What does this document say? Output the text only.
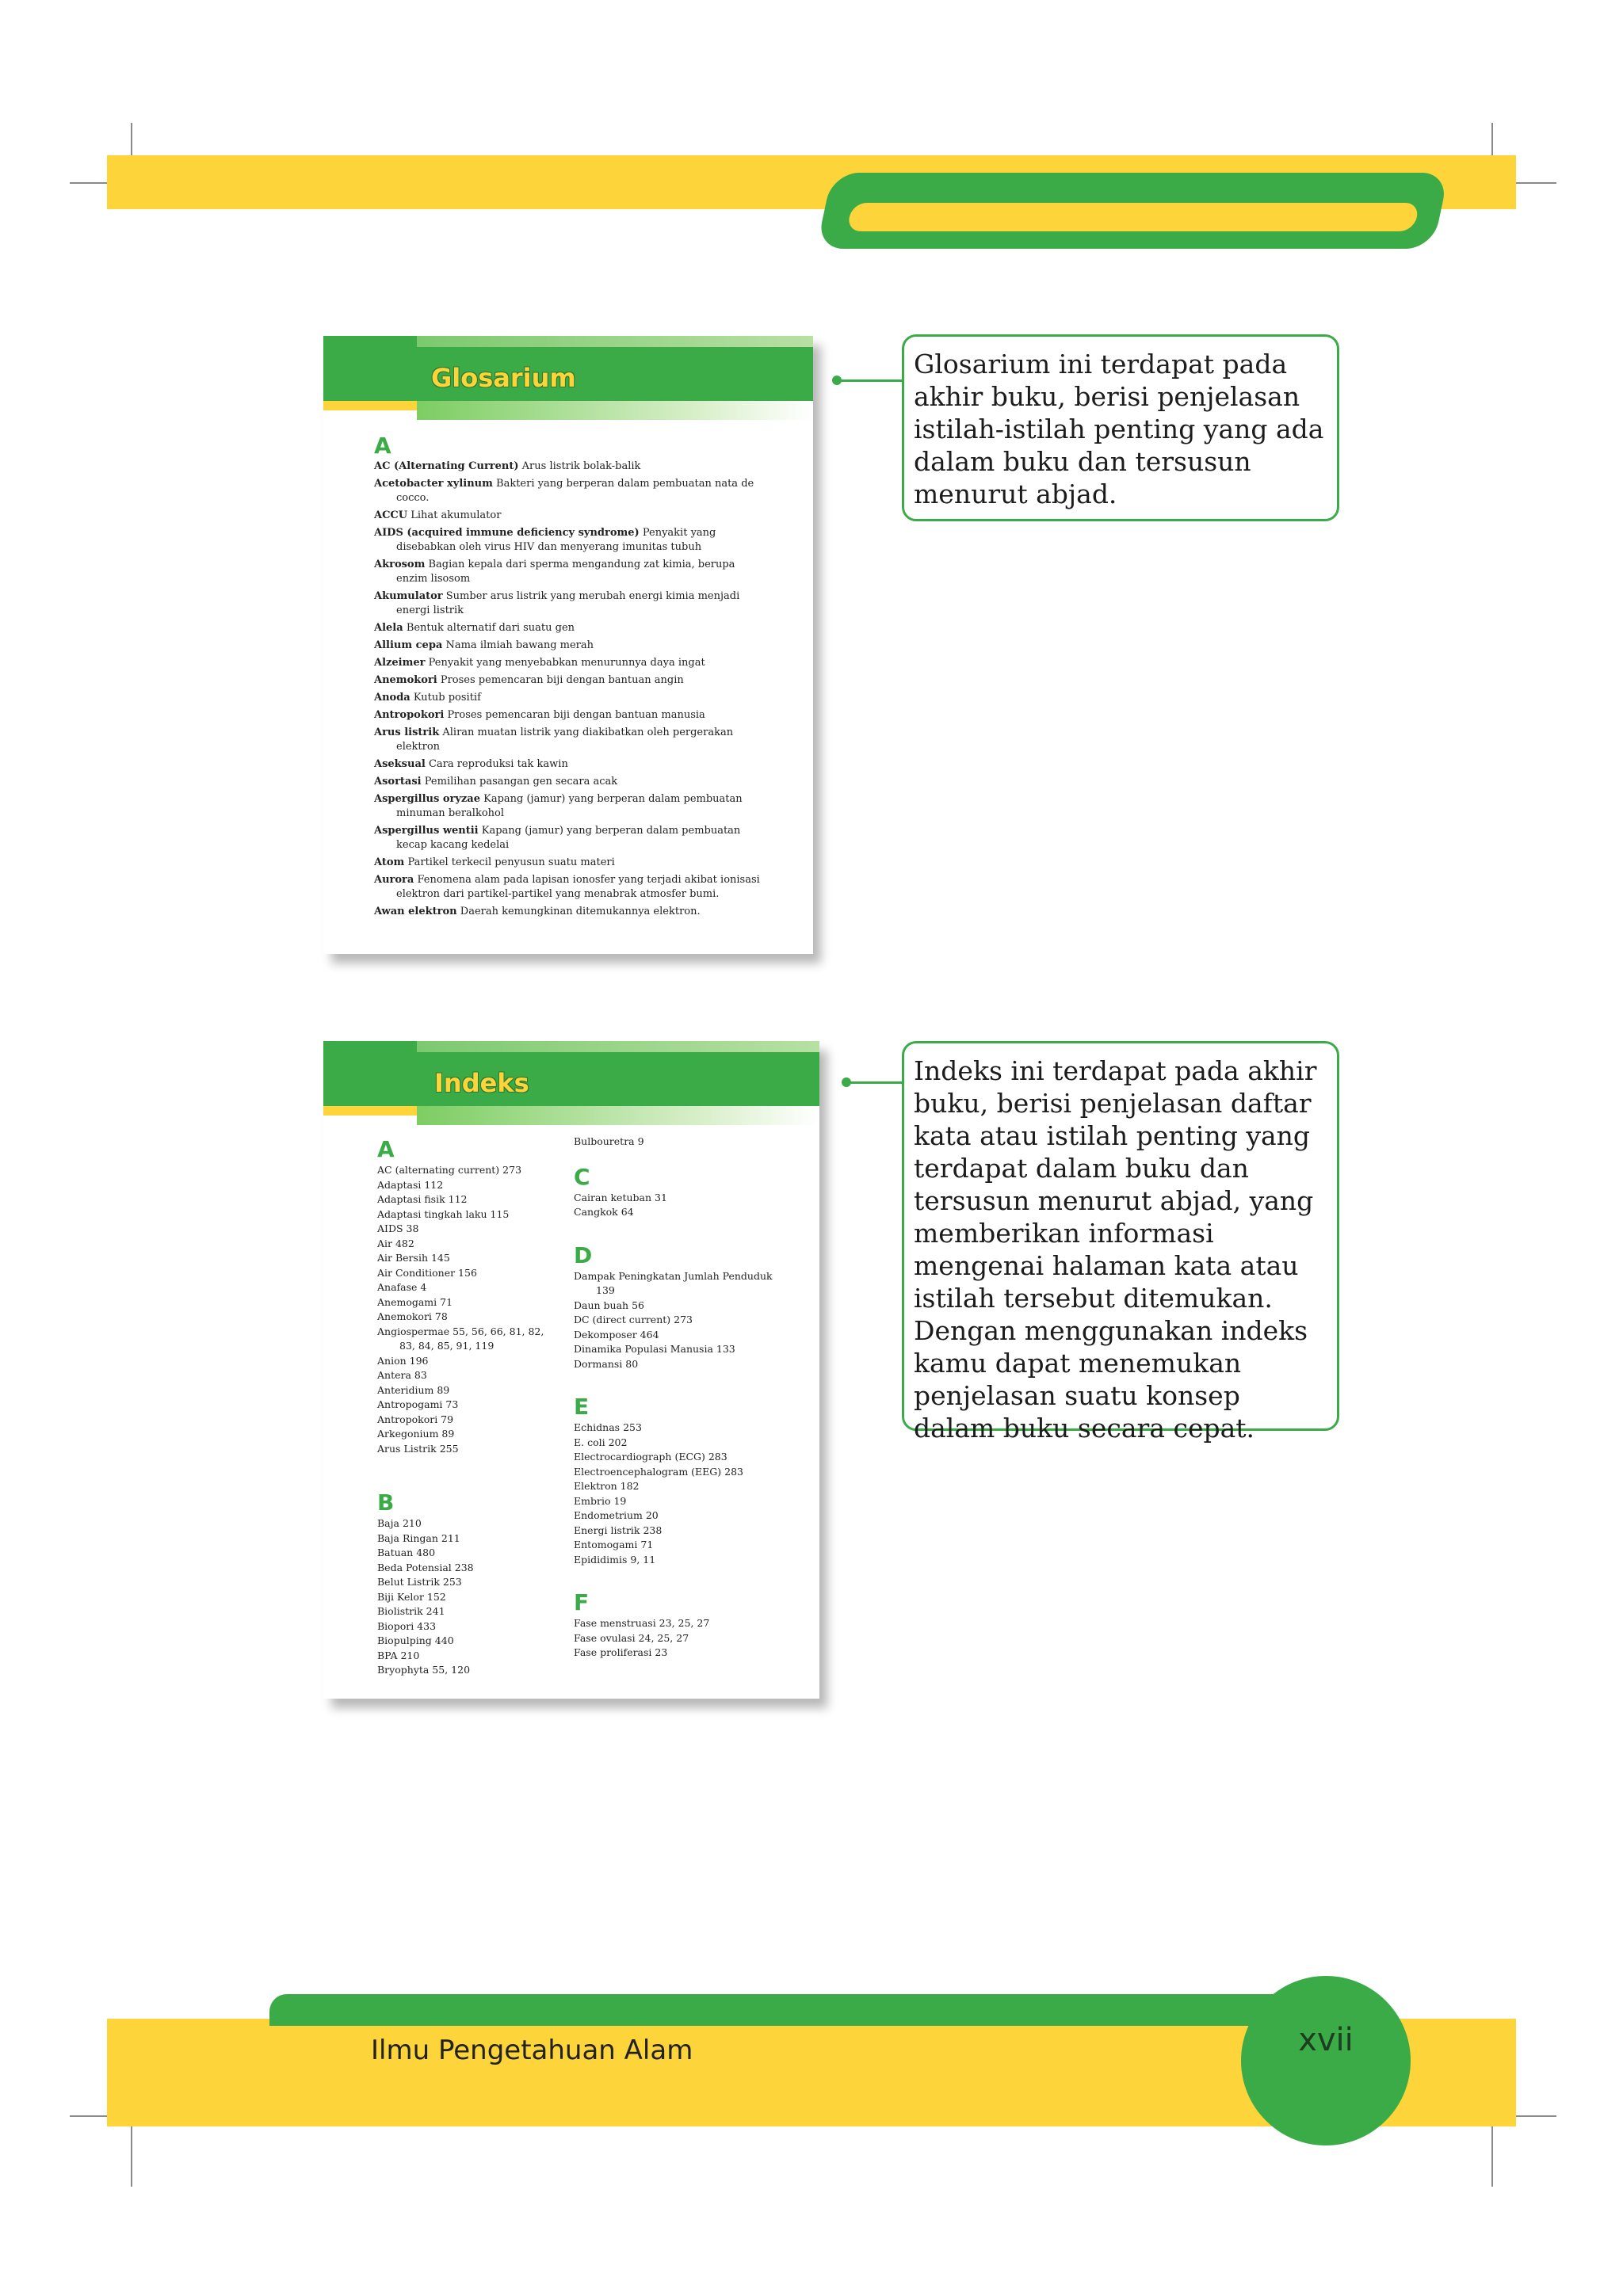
Glosarium
A
AC (Alternating Current) Arus listrik bolak-balik
Acetobacter xylinum Bakteri yang berperan dalam pembuatan nata de cocco.
ACCU Lihat akumulator
AIDS (acquired immune deficiency syndrome) Penyakit yang disebabkan oleh virus HIV dan menyerang imunitas tubuh
Akrosom Bagian kepala dari sperma mengandung zat kimia, berupa enzim lisosom
Akumulator Sumber arus listrik yang merubah energi kimia menjadi energi listrik
Alela Bentuk alternatif dari suatu gen
Allium cepa Nama ilmiah bawang merah
Alzeimer Penyakit yang menyebabkan menurunnya daya ingat
Anemokori Proses pemencaran biji dengan bantuan angin
Anoda Kutub positif
Antropokori Proses pemencaran biji dengan bantuan manusia
Arus listrik Aliran muatan listrik yang diakibatkan oleh pergerakan elektron
Aseksual Cara reproduksi tak kawin
Asortasi Pemilihan pasangan gen secara acak
Aspergillus oryzae Kapang (jamur) yang berperan dalam pembuatan minuman beralkohol
Aspergillus wentii Kapang (jamur) yang berperan dalam pembuatan kecap kacang kedelai
Atom Partikel terkecil penyusun suatu materi
Aurora Fenomena alam pada lapisan ionosfer yang terjadi akibat ionisasi elektron dari partikel-partikel yang menabrak atmosfer bumi.
Awan elektron Daerah kemungkinan ditemukannya elektron.
Glosarium ini terdapat pada akhir buku, berisi penjelasan istilah-istilah penting yang ada dalam buku dan tersusun menurut abjad.
Indeks
A
AC (alternating current) 273
Adaptasi 112
Adaptasi fisik 112
Adaptasi tingkah laku 115
AIDS 38
Air 482
Air Bersih 145
Air Conditioner 156
Anafase 4
Anemogami 71
Anemokori 78
Angiospermae 55, 56, 66, 81, 82, 83, 84, 85, 91, 119
Anion 196
Antera 83
Anteridium 89
Antropogami 73
Antropokori 79
Arkegonium 89
Arus Listrik 255
B
Baja 210
Baja Ringan 211
Batuan 480
Beda Potensial 238
Belut Listrik 253
Biji Kelor 152
Biolistrik 241
Biopori 433
Biopulping 440
BPA 210
Bryophyta 55, 120
Bulbouretra 9
C
Cairan ketuban 31
Cangkok 64
D
Dampak Peningkatan Jumlah Penduduk 139
Daun buah 56
DC (direct current) 273
Dekomposer 464
Dinamika Populasi Manusia 133
Dormansi 80
E
Echidnas 253
E. coli 202
Electrocardiograph (ECG) 283
Electroencephalogram (EEG) 283
Elektron 182
Embrio 19
Endometrium 20
Energi listrik 238
Entomogami 71
Epididimis 9, 11
F
Fase menstruasi 23, 25, 27
Fase ovulasi 24, 25, 27
Fase proliferasi 23
Indeks ini terdapat pada akhir buku, berisi penjelasan daftar kata atau istilah penting yang terdapat dalam buku dan tersusun menurut abjad, yang memberikan informasi mengenai halaman kata atau istilah tersebut ditemukan. Dengan menggunakan indeks kamu dapat menemukan penjelasan suatu konsep dalam buku secara cepat.
Ilmu Pengetahuan Alam	xvii
